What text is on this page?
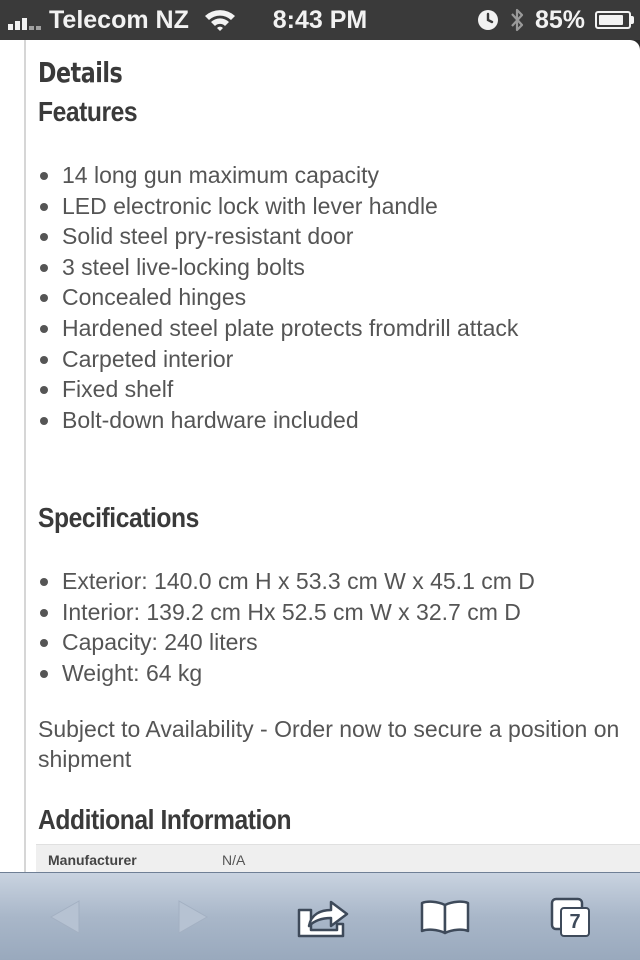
Telecom NZ	8:43 PM	85%
Details
Features
14 long gun maximum capacity
LED electronic lock with lever handle
Solid steel pry-resistant door
3 steel live-locking bolts
Concealed hinges
Hardened steel plate protects fromdrill attack
Carpeted interior
Fixed shelf
Bolt-down hardware included
Specifications
Exterior: 140.0 cm H x 53.3 cm W x 45.1 cm D
Interior: 139.2 cm Hx 52.5 cm W x 32.7 cm D
Capacity: 240 liters
Weight: 64 kg

Subject to Availability - Order now to secure a position on shipment

Additional Information
Manufacturer	N/A
7
